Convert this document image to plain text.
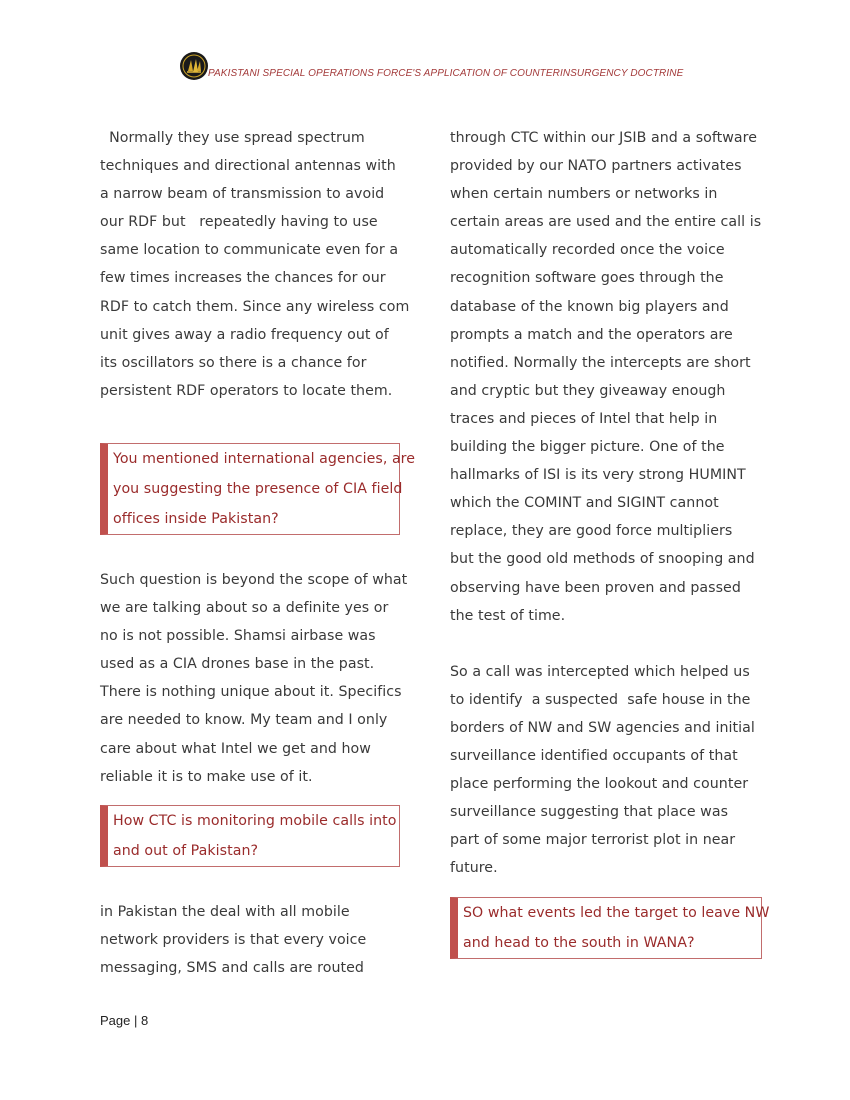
PAKISTANI SPECIAL OPERATIONS FORCE'S APPLICATION OF COUNTERINSURGENCY DOCTRINE
Normally they use spread spectrum
techniques and directional antennas with
a narrow beam of transmission to avoid
our RDF but   repeatedly having to use
same location to communicate even for a
few times increases the chances for our
RDF to catch them. Since any wireless com
unit gives away a radio frequency out of
its oscillators so there is a chance for
persistent RDF operators to locate them.
You mentioned international agencies, are
you suggesting the presence of CIA field
offices inside Pakistan?
Such question is beyond the scope of what
we are talking about so a definite yes or
no is not possible. Shamsi airbase was
used as a CIA drones base in the past.
There is nothing unique about it. Specifics
are needed to know. My team and I only
care about what Intel we get and how
reliable it is to make use of it.
How CTC is monitoring mobile calls into
and out of Pakistan?
in Pakistan the deal with all mobile
network providers is that every voice
messaging, SMS and calls are routed
through CTC within our JSIB and a software
provided by our NATO partners activates
when certain numbers or networks in
certain areas are used and the entire call is
automatically recorded once the voice
recognition software goes through the
database of the known big players and
prompts a match and the operators are
notified. Normally the intercepts are short
and cryptic but they giveaway enough
traces and pieces of Intel that help in
building the bigger picture. One of the
hallmarks of ISI is its very strong HUMINT
which the COMINT and SIGINT cannot
replace, they are good force multipliers
but the good old methods of snooping and
observing have been proven and passed
the test of time.
So a call was intercepted which helped us
to identify  a suspected  safe house in the
borders of NW and SW agencies and initial
surveillance identified occupants of that
place performing the lookout and counter
surveillance suggesting that place was
part of some major terrorist plot in near
future.
SO what events led the target to leave NW
and head to the south in WANA?
Page | 8
